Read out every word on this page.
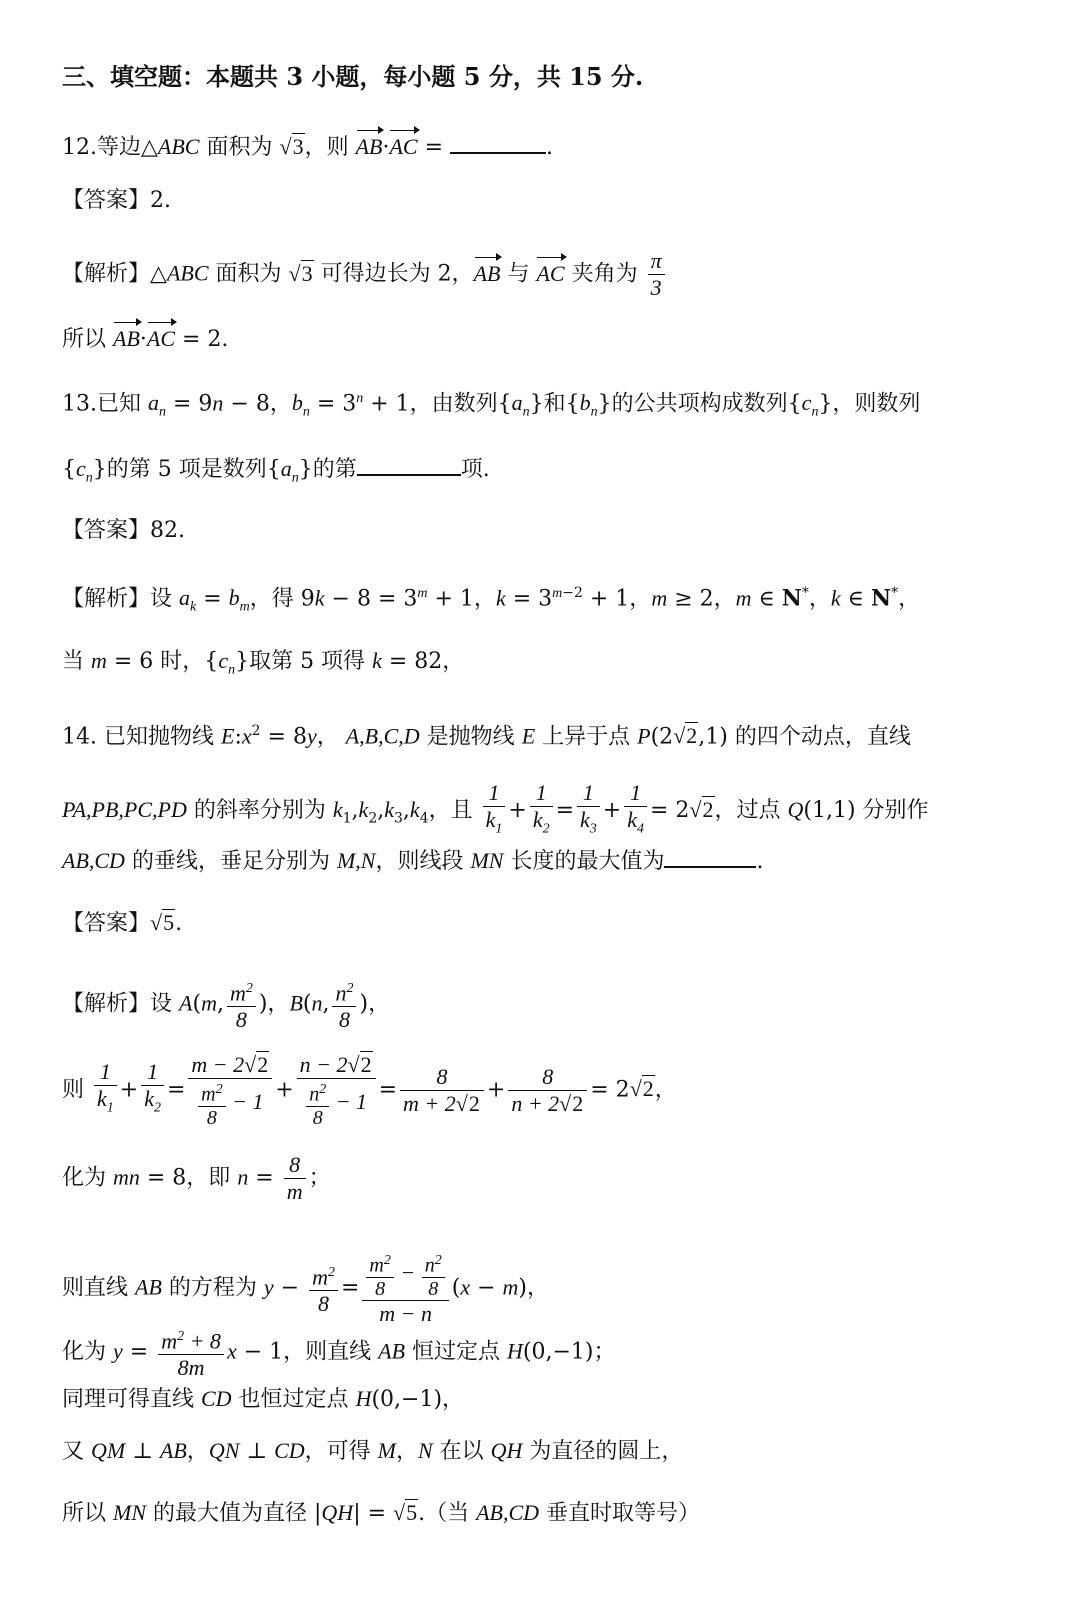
三、填空题：本题共 3 小题，每小题 5 分，共 15 分.
12.等边△ABC 面积为 √3，则 AB·AC =	.
【答案】2.
【解析】△ABC 面积为 √3 可得边长为 2，AB 与 AC 夹角为 $\frac{\pi}{3}$
所以 AB·AC = 2.
13.已知 $a_n = 9n - 8$，$b_n = 3^n + 1$，由数列$\{a_n\}$和$\{b_n\}$的公共项构成数列$\{c_n\}$，则数列
$\{c_n\}$的第 5 项是数列$\{a_n\}$的第	项.
【答案】82.
【解析】设 $a_k = b_m$，得 $9k - 8 = 3^m + 1$，$k = 3^{m-2} + 1$，m ≥ 2，m ∈ N*，k ∈ N*，
当 m = 6 时，$\{c_n\}$取第 5 项得 k = 82，
14. 已知抛物线 $E:x^2 = 8y$， A,B,C,D 是抛物线 E 上异于点 P(2√2,1) 的四个动点，直线
PA,PB,PC,PD 的斜率分别为 $k_1,k_2,k_3,k_4$，且 $\frac{1}{k_1} + \frac{1}{k_2} = \frac{1}{k_3} + \frac{1}{k_4} = 2√2$，过点 Q(1,1) 分别作
AB,CD 的垂线，垂足分别为 M,N，则线段 MN 长度的最大值为	.
【答案】√5.
【解析】设 A(m, $\frac{m^2}{8}$ )，B(n, $\frac{n^2}{8}$ )，
则 $\frac{1}{k_1} + \frac{1}{k_2} = \frac{m - 2√2}{\frac{m^2}{8} - 1} + \frac{n - 2√2}{\frac{n^2}{8} - 1} = \frac{8}{m + 2√2} + \frac{8}{n + 2√2} = 2√2$，
化为 mn = 8，即 $n = \frac{8}{m}$ ；
则直线 AB 的方程为 $y - \frac{m^2}{8} = \frac{\frac{m^2}{8} - \frac{n^2}{8}}{m - n} (x - m)$，
化为 $y = \frac{m^2 + 8}{8m}$ x − 1，则直线 AB 恒过定点 H(0,−1)；
同理可得直线 CD 也恒过定点 H(0,−1)，
又 QM ⊥ AB，QN ⊥ CD，可得 M，N 在以 QH 为直径的圆上，
所以 MN 的最大值为直径 |QH| = √5.（当 AB,CD 垂直时取等号）
